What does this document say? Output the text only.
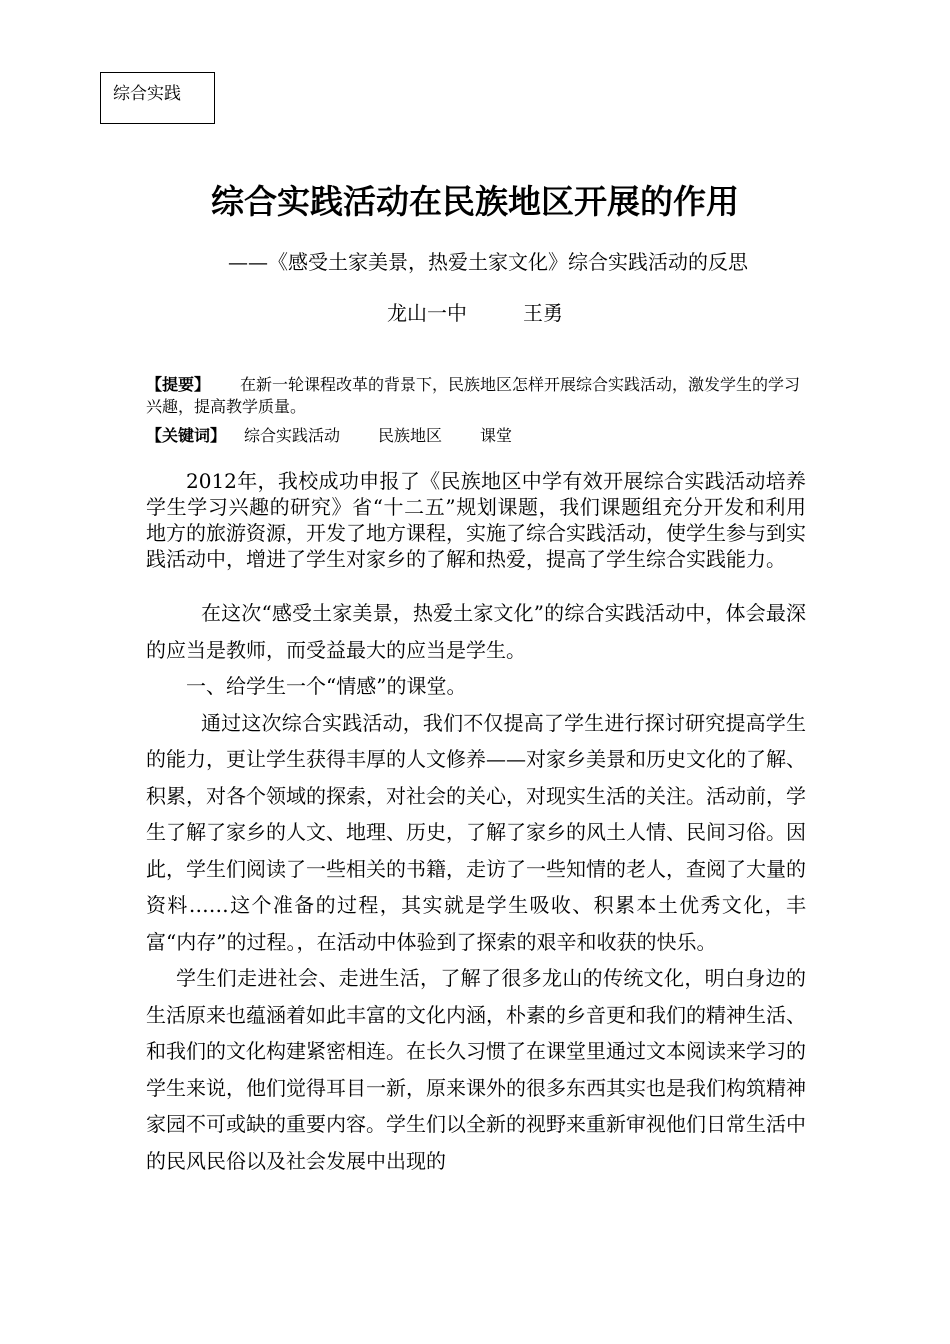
综合实践
综合实践活动在民族地区开展的作用
——《感受土家美景，热爱土家文化》综合实践活动的反思
龙山一中	王勇
【提要】 在新一轮课程改革的背景下，民族地区怎样开展综合实践活动，激发学生的学习兴趣，提高教学质量。
【关键词】 综合实践活动 民族地区 课堂

2012年，我校成功申报了《民族地区中学有效开展综合实践活动培养学生学习兴趣的研究》省“十二五”规划课题，我们课题组充分开发和利用地方的旅游资源，开发了地方课程，实施了综合实践活动，使学生参与到实践活动中，增进了学生对家乡的了解和热爱，提高了学生综合实践能力。

在这次“感受土家美景，热爱土家文化”的综合实践活动中，体会最深的应当是教师，而受益最大的应当是学生。

一、给学生一个“情感”的课堂。

通过这次综合实践活动，我们不仅提高了学生进行探讨研究提高学生的能力，更让学生获得丰厚的人文修养——对家乡美景和历史文化的了解、积累，对各个领域的探索，对社会的关心，对现实生活的关注。活动前，学生了解了家乡的人文、地理、历史，了解了家乡的风土人情、民间习俗。因此，学生们阅读了一些相关的书籍，走访了一些知情的老人，查阅了大量的资料……这个准备的过程，其实就是学生吸收、积累本土优秀文化，丰富“内存”的过程。，在活动中体验到了探索的艰辛和收获的快乐。

学生们走进社会、走进生活，了解了很多龙山的传统文化，明白身边的生活原来也蕴涵着如此丰富的文化内涵，朴素的乡音更和我们的精神生活、和我们的文化构建紧密相连。在长久习惯了在课堂里通过文本阅读来学习的学生来说，他们觉得耳目一新，原来课外的很多东西其实也是我们构筑精神家园不可或缺的重要内容。学生们以全新的视野来重新审视他们日常生活中的民风民俗以及社会发展中出现的
